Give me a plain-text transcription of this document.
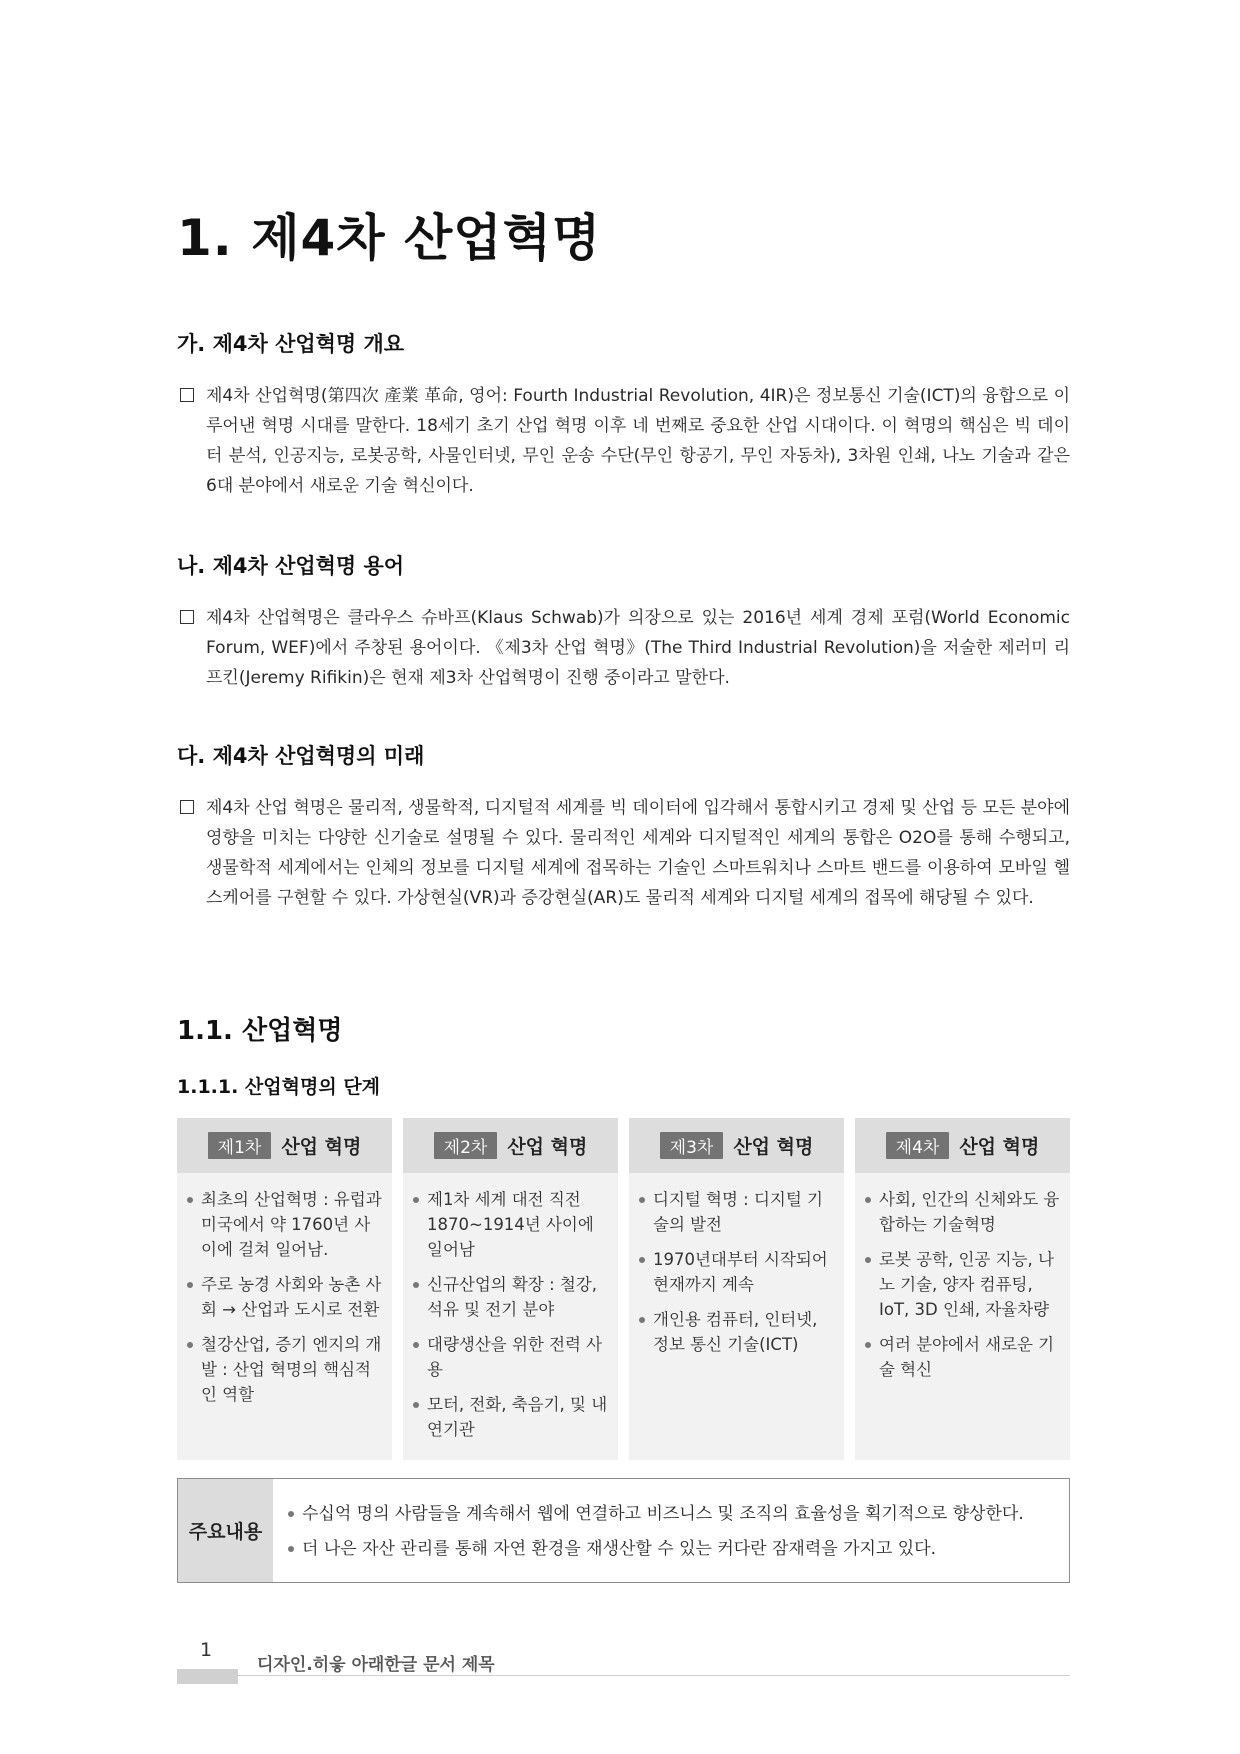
1. 제4차 산업혁명
가. 제4차 산업혁명 개요

제4차 산업혁명(第四次 產業 革命, 영어: Fourth Industrial Revolution, 4IR)은 정보통신 기술(ICT)의 융합으로 이루어낸 혁명 시대를 말한다. 18세기 초기 산업 혁명 이후 네 번째로 중요한 산업 시대이다. 이 혁명의 핵심은 빅 데이터 분석, 인공지능, 로봇공학, 사물인터넷, 무인 운송 수단(무인 항공기, 무인 자동차), 3차원 인쇄, 나노 기술과 같은 6대 분야에서 새로운 기술 혁신이다.

나. 제4차 산업혁명 용어

제4차 산업혁명은 클라우스 슈바프(Klaus Schwab)가 의장으로 있는 2016년 세계 경제 포럼(World Economic Forum, WEF)에서 주창된 용어이다. 《제3차 산업 혁명》(The Third Industrial Revolution)을 저술한 제러미 리프킨(Jeremy Rifikin)은 현재 제3차 산업혁명이 진행 중이라고 말한다.

다. 제4차 산업혁명의 미래

제4차 산업 혁명은 물리적, 생물학적, 디지털적 세계를 빅 데이터에 입각해서 통합시키고 경제 및 산업 등 모든 분야에 영향을 미치는 다양한 신기술로 설명될 수 있다. 물리적인 세계와 디지털적인 세계의 통합은 O2O를 통해 수행되고, 생물학적 세계에서는 인체의 정보를 디지털 세계에 접목하는 기술인 스마트워치나 스마트 밴드를 이용하여 모바일 헬스케어를 구현할 수 있다. 가상현실(VR)과 증강현실(AR)도 물리적 세계와 디지털 세계의 접목에 해당될 수 있다.

1.1. 산업혁명
1.1.1. 산업혁명의 단계
제1차	산업 혁명
최초의 산업혁명 : 유럽과 미국에서 약 1760년 사이에 걸쳐 일어남.
주로 농경 사회와 농촌 사회 → 산업과 도시로 전환
철강산업, 증기 엔지의 개발 : 산업 혁명의 핵심적인 역할
제2차	산업 혁명
제1차 세계 대전 직전 1870~1914년 사이에 일어남
신규산업의 확장 : 철강, 석유 및 전기 분야
대량생산을 위한 전력 사용
모터, 전화, 축음기, 및 내연기관
제3차	산업 혁명
디지털 혁명 : 디지털 기술의 발전
1970년대부터 시작되어 현재까지 계속
개인용 컴퓨터, 인터넷, 정보 통신 기술(ICT)
제4차	산업 혁명
사회, 인간의 신체와도 융합하는 기술혁명
로봇 공학, 인공 지능, 나노 기술, 양자 컴퓨팅, IoT, 3D 인쇄, 자율차량
여러 분야에서 새로운 기술 혁신
주요내용
수십억 명의 사람들을 계속해서 웹에 연결하고 비즈니스 및 조직의 효율성을 획기적으로 향상한다.
더 나은 자산 관리를 통해 자연 환경을 재생산할 수 있는 커다란 잠재력을 가지고 있다.
1
디자인.히읗 아래한글 문서 제목
